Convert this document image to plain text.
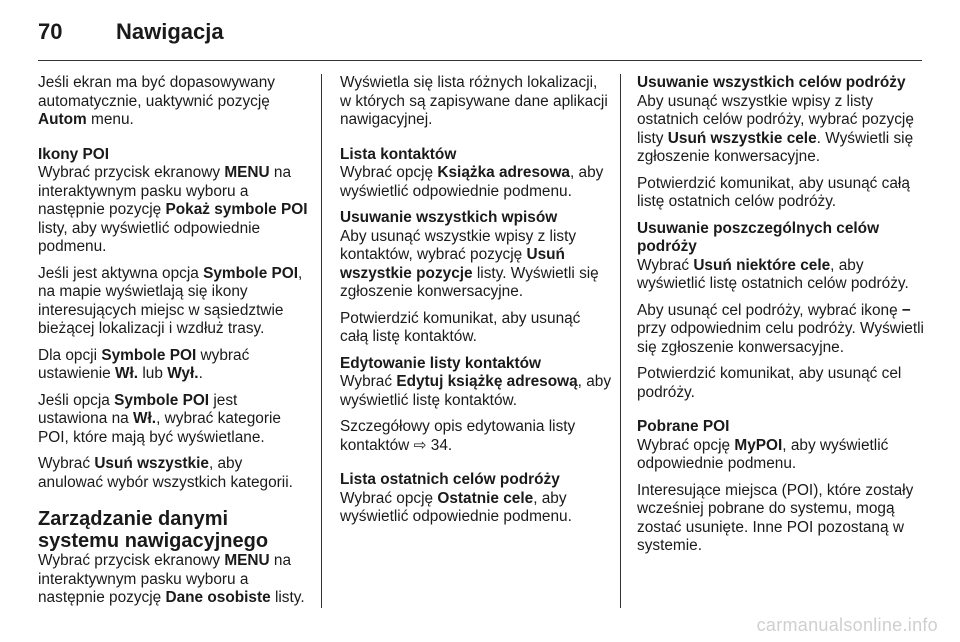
70	Nawigacja

Jeśli ekran ma być dopasowywany automatycznie, uaktywnić pozycję Autom menu.

Ikony POI

Wybrać przycisk ekranowy MENU na interaktywnym pasku wyboru a następnie pozycję Pokaż symbole POI listy, aby wyświetlić odpowiednie podmenu.

Jeśli jest aktywna opcja Symbole POI, na mapie wyświetlają się ikony interesujących miejsc w sąsiedztwie bieżącej lokalizacji i wzdłuż trasy.

Dla opcji Symbole POI wybrać ustawienie Wł. lub Wył..

Jeśli opcja Symbole POI jest ustawiona na Wł., wybrać kategorie POI, które mają być wyświetlane.

Wybrać Usuń wszystkie, aby anulować wybór wszystkich kategorii.

Zarządzanie danymi systemu nawigacyjnego

Wybrać przycisk ekranowy MENU na interaktywnym pasku wyboru a następnie pozycję Dane osobiste listy.

Wyświetla się lista różnych lokalizacji, w których są zapisywane dane aplikacji nawigacyjnej.

Lista kontaktów

Wybrać opcję Książka adresowa, aby wyświetlić odpowiednie podmenu.

Usuwanie wszystkich wpisów

Aby usunąć wszystkie wpisy z listy kontaktów, wybrać pozycję Usuń wszystkie pozycje listy. Wyświetli się zgłoszenie konwersacyjne.

Potwierdzić komunikat, aby usunąć całą listę kontaktów.

Edytowanie listy kontaktów

Wybrać Edytuj książkę adresową, aby wyświetlić listę kontaktów.

Szczegółowy opis edytowania listy kontaktów ⇨ 34.

Lista ostatnich celów podróży

Wybrać opcję Ostatnie cele, aby wyświetlić odpowiednie podmenu.

Usuwanie wszystkich celów podróży

Aby usunąć wszystkie wpisy z listy ostatnich celów podróży, wybrać pozycję listy Usuń wszystkie cele. Wyświetli się zgłoszenie konwersacyjne.

Potwierdzić komunikat, aby usunąć całą listę ostatnich celów podróży.

Usuwanie poszczególnych celów podróży

Wybrać Usuń niektóre cele, aby wyświetlić listę ostatnich celów podróży.

Aby usunąć cel podróży, wybrać ikonę − przy odpowiednim celu podróży. Wyświetli się zgłoszenie konwersacyjne.

Potwierdzić komunikat, aby usunąć cel podróży.

Pobrane POI

Wybrać opcję MyPOI, aby wyświetlić odpowiednie podmenu.

Interesujące miejsca (POI), które zostały wcześniej pobrane do systemu, mogą zostać usunięte. Inne POI pozostaną w systemie.

carmanualsonline.info
